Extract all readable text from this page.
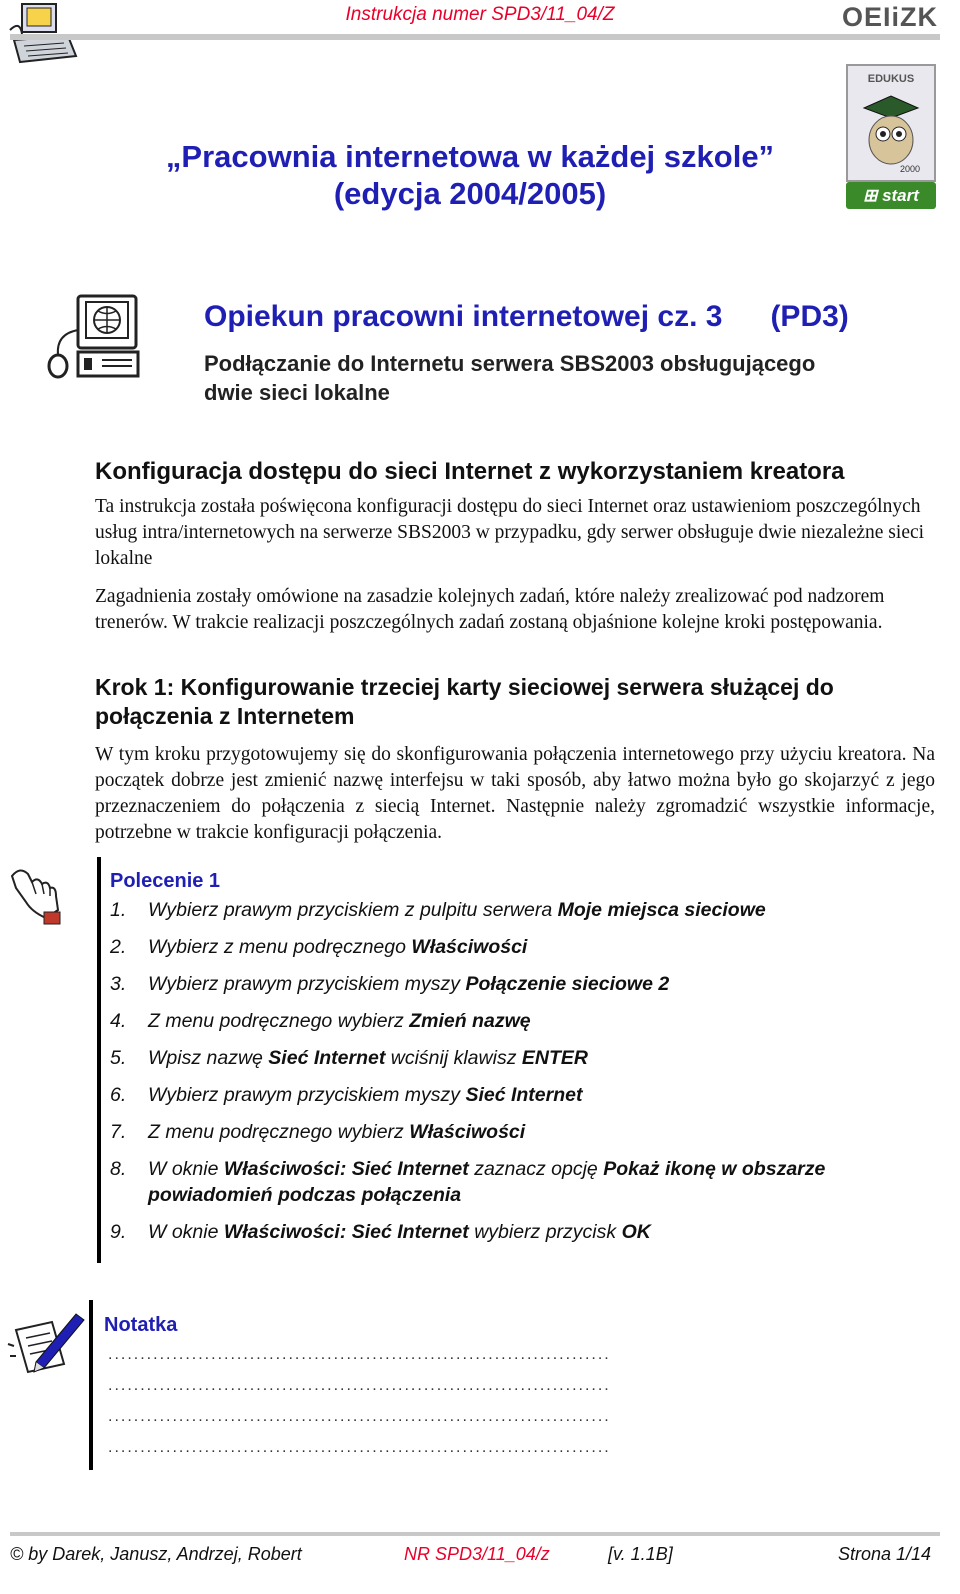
Instrukcja numer SPD3/11_04/Z	OEIiZK
EDUKUS
2000
⊞ start
„Pracownia internetowa w każdej szkole”
(edycja 2004/2005)
Opiekun pracowni internetowej cz. 3 (PD3)
Podłączanie do Internetu serwera SBS2003 obsługującego
dwie sieci lokalne
Konfiguracja dostępu do sieci Internet z wykorzystaniem kreatora
Ta instrukcja została poświęcona konfiguracji dostępu do sieci Internet oraz ustawieniom poszczególnych usług intra/internetowych na serwerze SBS2003 w przypadku, gdy serwer obsługuje dwie niezależne sieci lokalne
Zagadnienia zostały omówione na zasadzie kolejnych zadań, które należy zrealizować pod nadzorem trenerów. W trakcie realizacji poszczególnych zadań zostaną objaśnione kolejne kroki postępowania.
Krok 1: Konfigurowanie trzeciej karty sieciowej serwera służącej do połączenia z Internetem
W tym kroku przygotowujemy się do skonfigurowania połączenia internetowego przy użyciu kreatora. Na początek dobrze jest zmienić nazwę interfejsu w taki sposób, aby łatwo można było go skojarzyć z jego przeznaczeniem do połączenia z siecią Internet. Następnie należy zgromadzić wszystkie informacje, potrzebne w trakcie konfiguracji połączenia.
Polecenie 1
1.	Wybierz prawym przyciskiem z pulpitu serwera Moje miejsca sieciowe
2.	Wybierz z menu podręcznego Właściwości
3.	Wybierz prawym przyciskiem myszy Połączenie sieciowe 2
4.	Z menu podręcznego wybierz Zmień nazwę
5.	Wpisz nazwę Sieć Internet wciśnij klawisz ENTER
6.	Wybierz prawym przyciskiem myszy Sieć Internet
7.	Z menu podręcznego wybierz Właściwości
8.	W oknie Właściwości: Sieć Internet zaznacz opcję Pokaż ikonę w obszarze powiadomień podczas połączenia
9.	W oknie Właściwości: Sieć Internet wybierz przycisk OK
Notatka
..............................................................................
..............................................................................
..............................................................................
..............................................................................
© by Darek, Janusz, Andrzej, Robert	NR SPD3/11_04/z	[v. 1.1B]	Strona 1/14
